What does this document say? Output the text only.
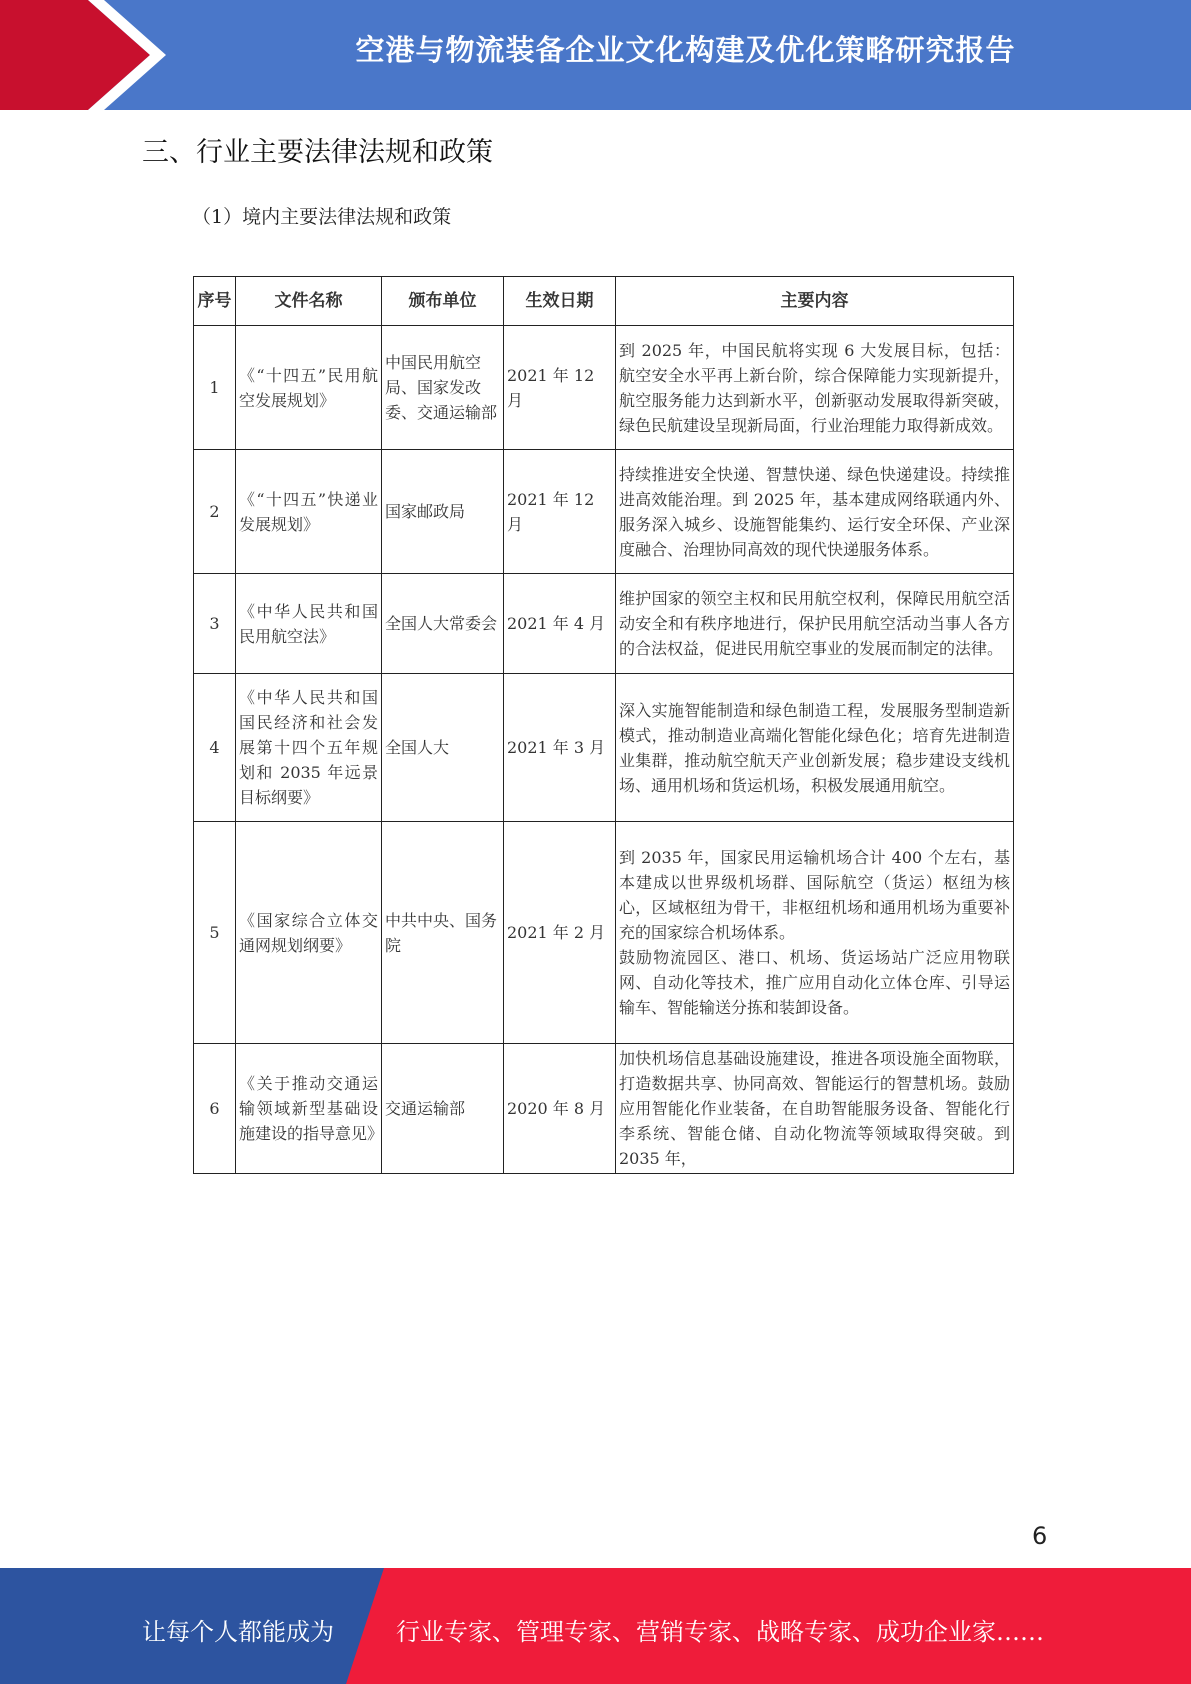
空港与物流装备企业文化构建及优化策略研究报告
三、行业主要法律法规和政策
（1）境内主要法律法规和政策
序号	文件名称	颁布单位	生效日期	主要内容
1	《“十四五”民用航空发展规划》	中国民用航空局、国家发改委、交通运输部	2021 年 12 月	到 2025 年，中国民航将实现 6 大发展目标，包括：航空安全水平再上新台阶，综合保障能力实现新提升，航空服务能力达到新水平，创新驱动发展取得新突破，绿色民航建设呈现新局面，行业治理能力取得新成效。
2	《“十四五”快递业发展规划》	国家邮政局	2021 年 12 月	持续推进安全快递、智慧快递、绿色快递建设。持续推进高效能治理。到 2025 年，基本建成网络联通内外、服务深入城乡、设施智能集约、运行安全环保、产业深度融合、治理协同高效的现代快递服务体系。
3	《中华人民共和国民用航空法》	全国人大常委会	2021 年 4 月	维护国家的领空主权和民用航空权利，保障民用航空活动安全和有秩序地进行，保护民用航空活动当事人各方的合法权益，促进民用航空事业的发展而制定的法律。
4	《中华人民共和国国民经济和社会发展第十四个五年规划和 2035 年远景目标纲要》	全国人大	2021 年 3 月	深入实施智能制造和绿色制造工程，发展服务型制造新模式，推动制造业高端化智能化绿色化；培育先进制造业集群，推动航空航天产业创新发展；稳步建设支线机场、通用机场和货运机场，积极发展通用航空。
5	《国家综合立体交通网规划纲要》	中共中央、国务院	2021 年 2 月	到 2035 年，国家民用运输机场合计 400 个左右，基本建成以世界级机场群、国际航空（货运）枢纽为核心，区域枢纽为骨干，非枢纽机场和通用机场为重要补充的国家综合机场体系。
鼓励物流园区、港口、机场、货运场站广泛应用物联网、自动化等技术，推广应用自动化立体仓库、引导运输车、智能输送分拣和装卸设备。

6	《关于推动交通运输领域新型基础设施建设的指导意见》	交通运输部	2020 年 8 月	加快机场信息基础设施建设，推进各项设施全面物联，打造数据共享、协同高效、智能运行的智慧机场。鼓励应用智能化作业装备，在自助智能服务设备、智能化行李系统、智能仓储、自动化物流等领域取得突破。到 2035 年，
6
让每个人都能成为	行业专家、管理专家、营销专家、战略专家、成功企业家……
